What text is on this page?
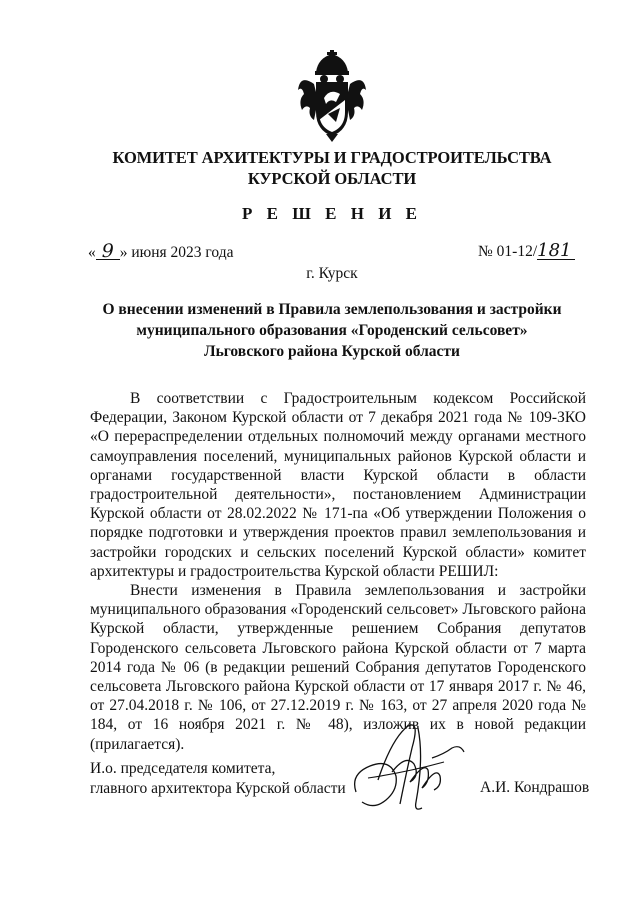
КОМИТЕТ АРХИТЕКТУРЫ И ГРАДОСТРОИТЕЛЬСТВА
КУРСКОЙ ОБЛАСТИ
Р Е Ш Е Н И Е
« 9 » июня 2023 года	№ 01-12/181
г. Курск
О внесении изменений в Правила землепользования и застройки
муниципального образования «Городенский сельсовет»
Льговского района Курской области

В соответствии с Градостроительным кодексом Российской Федерации, Законом Курской области от 7 декабря 2021 года № 109-ЗКО «О перераспределении отдельных полномочий между органами местного самоуправления поселений, муниципальных районов Курской области и органами государственной власти Курской области в области градостроительной деятельности», постановлением Администрации Курской области от 28.02.2022 № 171-па «Об утверждении Положения о порядке подготовки и утверждения проектов правил землепользования и застройки городских и сельских поселений Курской области» комитет архитектуры и градостроительства Курской области РЕШИЛ:

Внести изменения в Правила землепользования и застройки муниципального образования «Городенский сельсовет» Льговского района Курской области, утвержденные решением Собрания депутатов Городенского сельсовета Льговского района Курской области от 7 марта 2014 года № 06 (в редакции решений Собрания депутатов Городенского сельсовета Льговского района Курской области от 17 января 2017 г. № 46, от 27.04.2018 г. № 106, от 27.12.2019 г. № 163, от 27 апреля 2020 года № 184, от 16 ноября 2021 г. № 48), изложив их в новой редакции (прилагается).

И.о. председателя комитета,
главного архитектора Курской области	А.И. Кондрашов
